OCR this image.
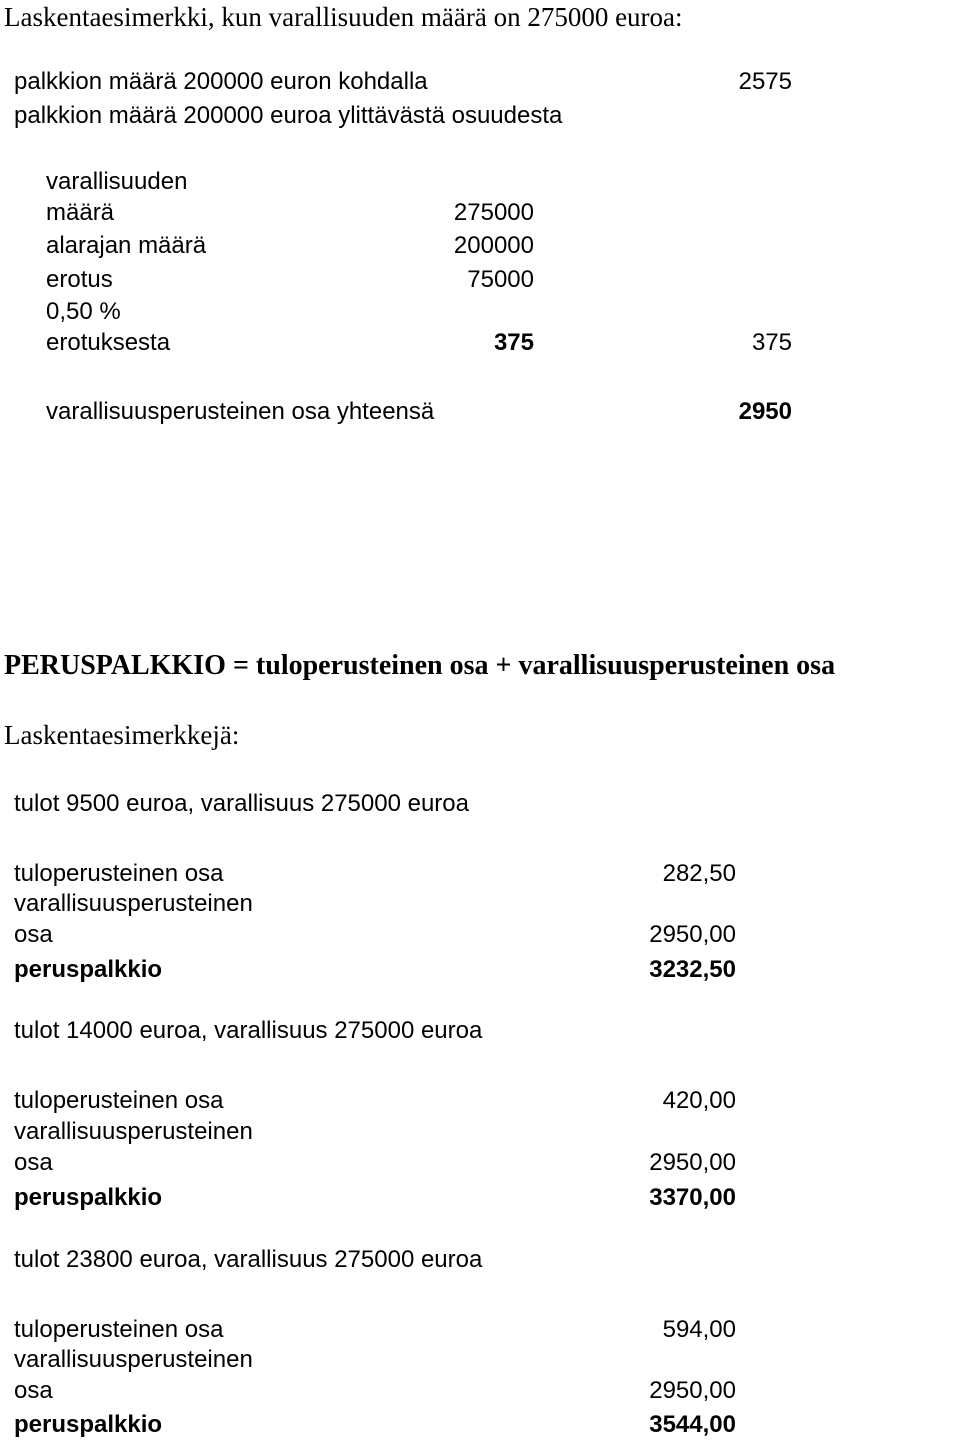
Laskentaesimerkki, kun varallisuuden määrä on 275000 euroa:
palkkion määrä 200000 euron kohdalla	2575
palkkion määrä 200000 euroa ylittävästä osuudesta
varallisuuden
määrä	275000
alarajan määrä	200000
erotus	75000
0,50 %
erotuksesta	375	375
varallisuusperusteinen osa yhteensä	2950
PERUSPALKKIO = tuloperusteinen osa + varallisuusperusteinen osa
Laskentaesimerkkejä:
tulot 9500 euroa, varallisuus 275000 euroa
tuloperusteinen osa	282,50
varallisuusperusteinen
osa	2950,00
peruspalkkio	3232,50
tulot 14000 euroa, varallisuus 275000 euroa
tuloperusteinen osa	420,00
varallisuusperusteinen
osa	2950,00
peruspalkkio	3370,00
tulot 23800 euroa, varallisuus 275000 euroa
tuloperusteinen osa	594,00
varallisuusperusteinen
osa	2950,00
peruspalkkio	3544,00
